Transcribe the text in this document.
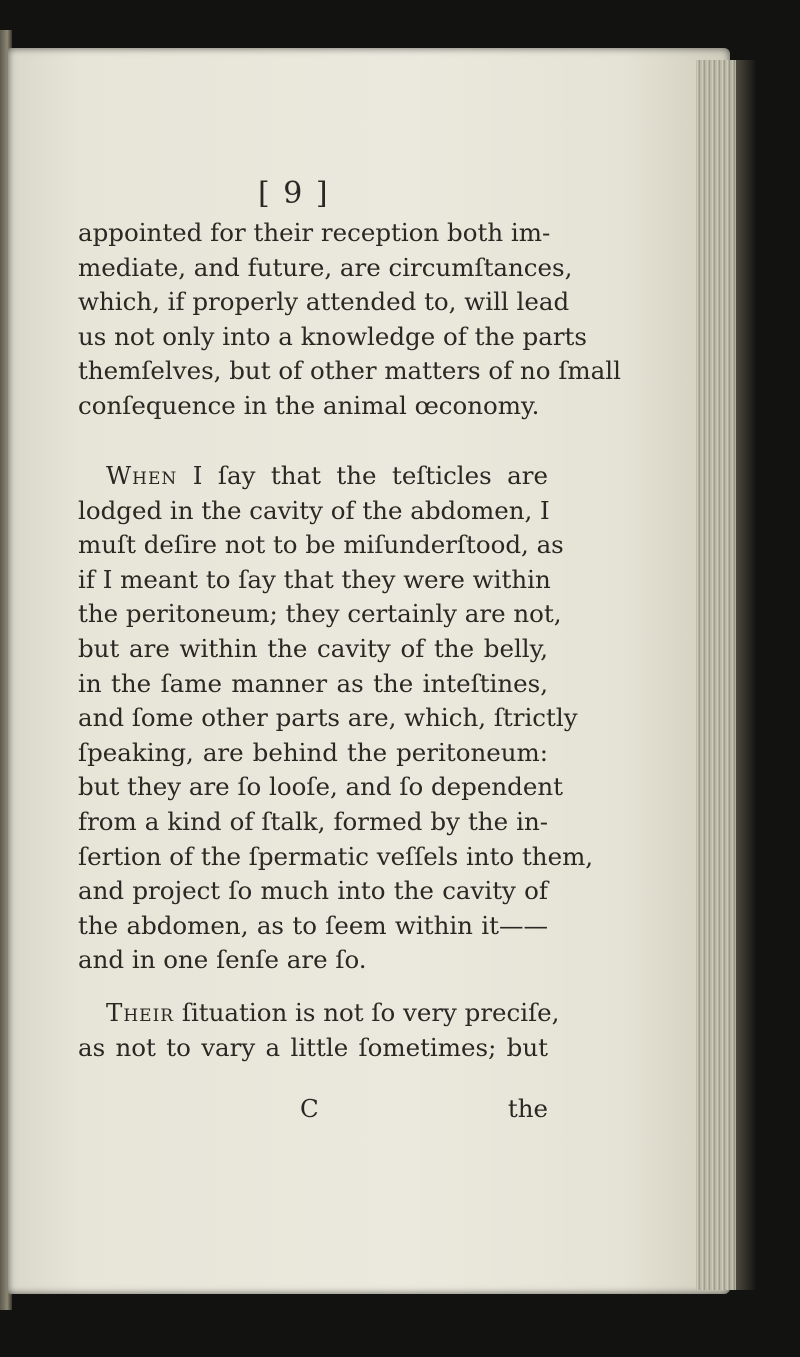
[ 9 ]
appointed for their reception both im-
mediate, and future, are circumſtances,
which, if properly attended to, will lead
us not only into a knowledge of the parts
themſelves, but of other matters of no ſmall
conſequence in the animal œconomy.
When I ſay that the teſticles are
lodged in the cavity of the abdomen, I
muſt deſire not to be miſunderſtood, as
if I meant to ſay that they were within
the peritoneum; they certainly are not,
but are within the cavity of the belly,
in the ſame manner as the inteſtines,
and ſome other parts are, which, ſtrictly
ſpeaking, are behind the peritoneum:
but they are ſo looſe, and ſo dependent
from a kind of ſtalk, formed by the in-
ſertion of the ſpermatic veſſels into them,
and project ſo much into the cavity of
the abdomen, as to ſeem within it——
and in one ſenſe are ſo.
Their ſituation is not ſo very preciſe,
as not to vary a little ſometimes; but
C	the
